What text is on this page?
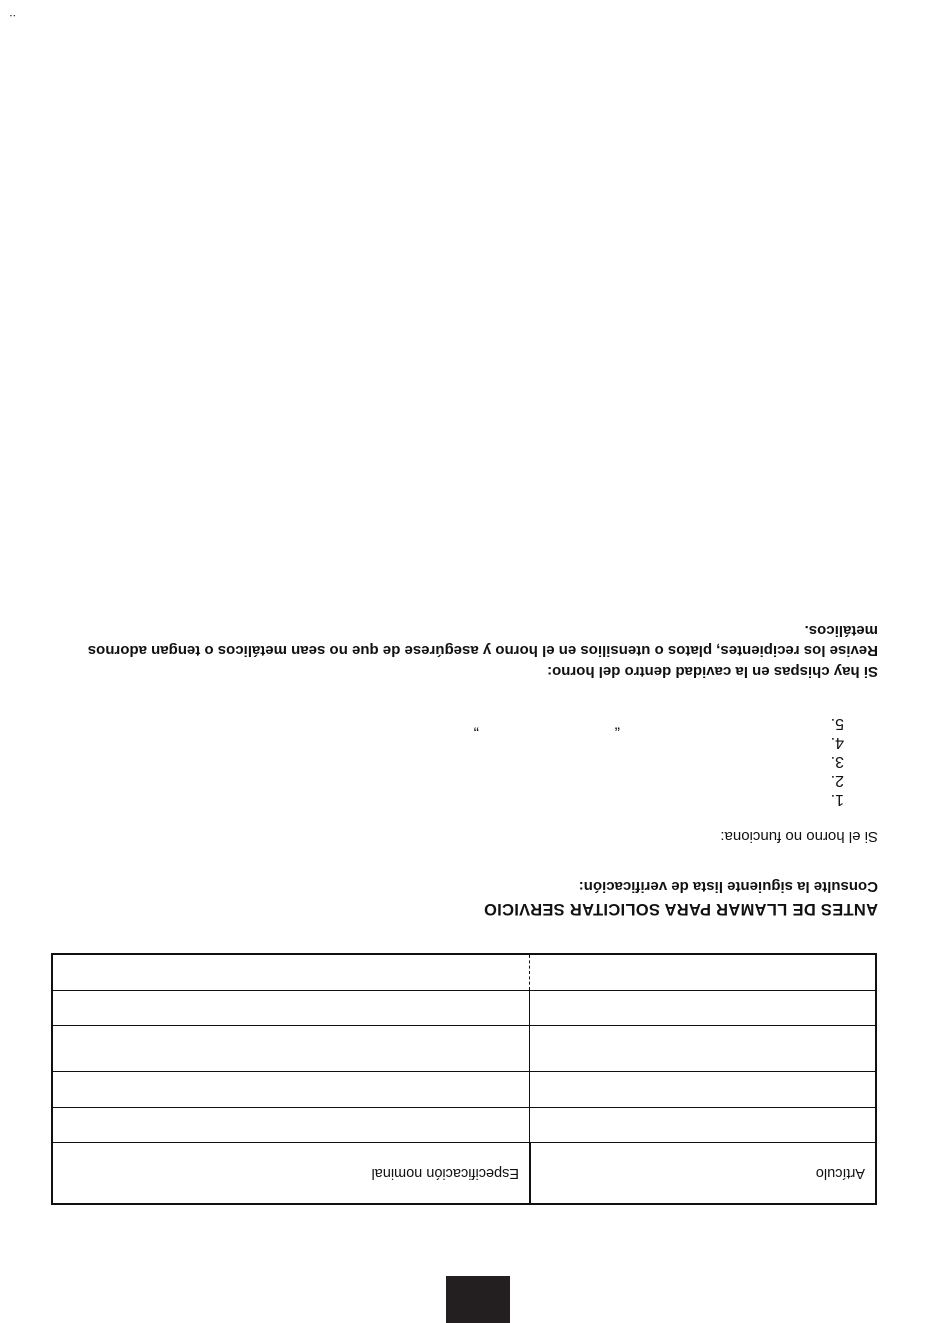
Artículo	Especificación nominal

ANTES DE LLAMAR PARA SOLICITAR SERVICIO
Consulte la siguiente lista de verificación:
Si el horno no funciona:
1.
2.
3.
4.
5.
“
”
Si hay chispas en la cavidad dentro del horno:
Revise los recipientes, platos o utensilios en el horno y asegúrese de que no sean metálicos o tengan adornos metálicos.
..
